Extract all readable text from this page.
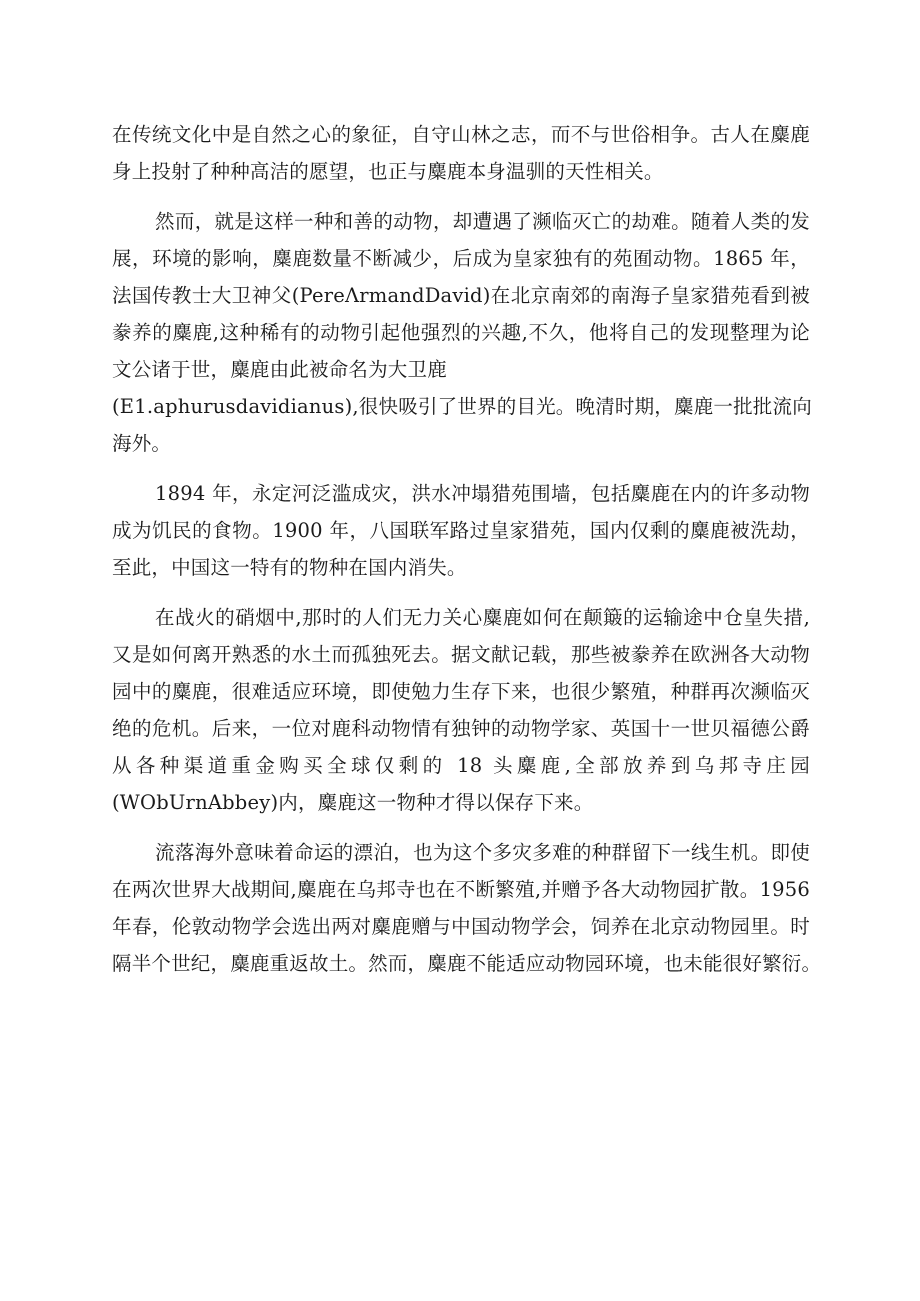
在传统文化中是自然之心的象征，自守山林之志，而不与世俗相争。古人在麋鹿
身上投射了种种高洁的愿望，也正与麋鹿本身温驯的天性相关。

然而，就是这样一种和善的动物，却遭遇了濒临灭亡的劫难。随着人类的发
展，环境的影响，麋鹿数量不断减少，后成为皇家独有的苑囿动物。1865 年，
法国传教士大卫神父(PereΛrmandDavid)在北京南郊的南海子皇家猎苑看到被
豢养的麋鹿,这种稀有的动物引起他强烈的兴趣,不久，他将自己的发现整理为论
文公诸于世，麋鹿由此被命名为大卫鹿
(E1.aphurusdavidianus),很快吸引了世界的目光。晚清时期，麋鹿一批批流向
海外。

1894 年，永定河泛滥成灾，洪水冲塌猎苑围墙，包括麋鹿在内的许多动物
成为饥民的食物。1900 年，八国联军路过皇家猎苑，国内仅剩的麋鹿被洗劫，
至此，中国这一特有的物种在国内消失。

在战火的硝烟中,那时的人们无力关心麋鹿如何在颠簸的运输途中仓皇失措,
又是如何离开熟悉的水土而孤独死去。据文献记载，那些被豢养在欧洲各大动物
园中的麋鹿，很难适应环境，即使勉力生存下来，也很少繁殖，种群再次濒临灭
绝的危机。后来，一位对鹿科动物情有独钟的动物学家、英国十一世贝福德公爵
从各种渠道重金购买全球仅剩的 18 头麋鹿,全部放养到乌邦寺庄园
(WObUrnAbbey)内，麋鹿这一物种才得以保存下来。

流落海外意味着命运的漂泊，也为这个多灾多难的种群留下一线生机。即使
在两次世界大战期间,麋鹿在乌邦寺也在不断繁殖,并赠予各大动物园扩散。1956
年春，伦敦动物学会选出两对麋鹿赠与中国动物学会，饲养在北京动物园里。时
隔半个世纪，麋鹿重返故土。然而，麋鹿不能适应动物园环境，也未能很好繁衍。
